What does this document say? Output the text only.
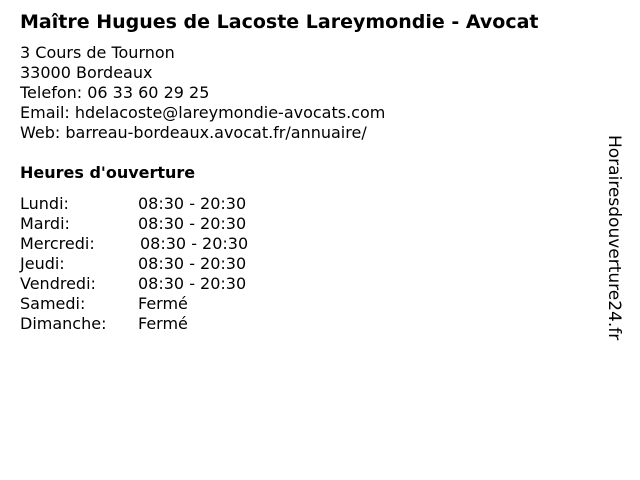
Maître Hugues de Lacoste Lareymondie - Avocat
3 Cours de Tournon
33000 Bordeaux
Telefon: 06 33 60 29 25
Email: hdelacoste@lareymondie-avocats.com
Web: barreau-bordeaux.avocat.fr/annuaire/
Heures d'ouverture
Lundi:	08:30 - 20:30
Mardi:	08:30 - 20:30
Mercredi:	08:30 - 20:30
Jeudi:	08:30 - 20:30
Vendredi:	08:30 - 20:30
Samedi:	Fermé
Dimanche: Fermé	Horairesdouverture24.fr
